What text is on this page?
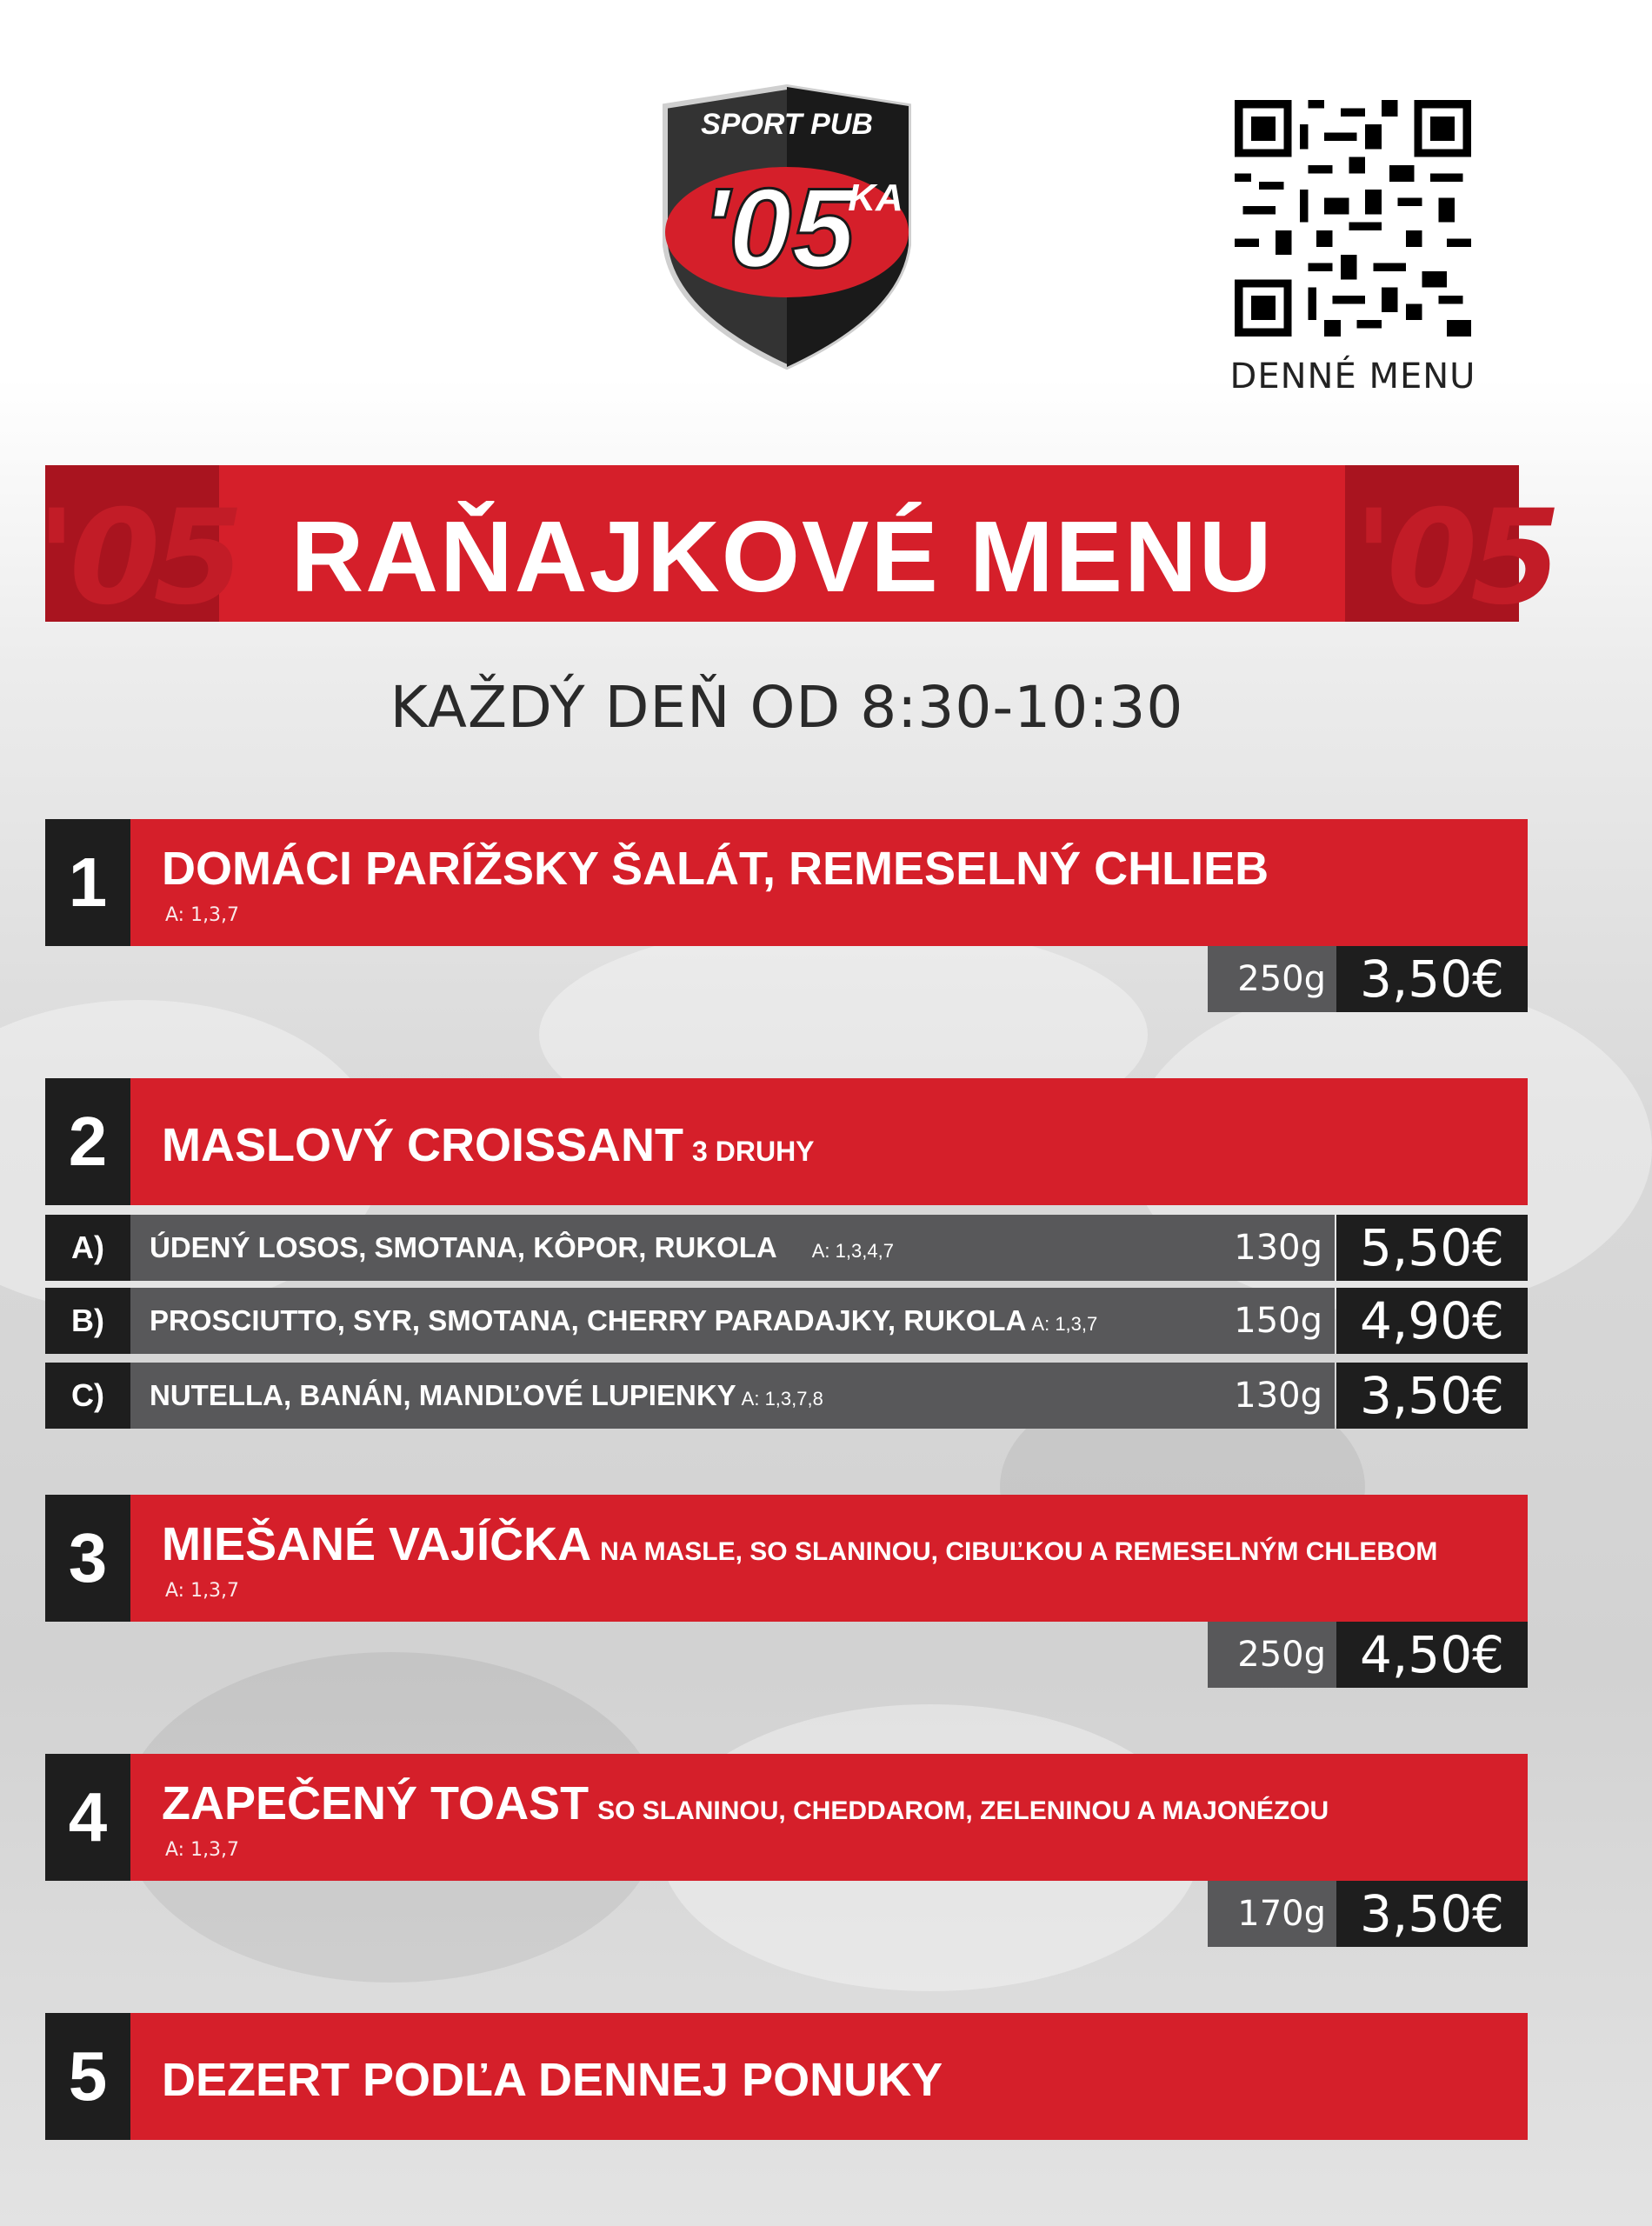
SPORT PUB
'05
KA
DENNÉ MENU
'05	'05
RAŇAJKOVÉ MENU
KAŽDÝ DEŇ OD 8:30-10:30
1	DOMÁCI PARÍŽSKY ŠALÁT, REMESELNÝ CHLIEB
A: 1,3,7
250g 3,50€
2	MASLOVÝ CROISSANT 3 DRUHY
A)	ÚDENÝ LOSOS, SMOTANA, KÔPOR, RUKOLA A: 1,3,4,7	130g 5,50€
B)	PROSCIUTTO, SYR, SMOTANA, CHERRY PARADAJKY, RUKOLA A: 1,3,7	150g 4,90€
C)	NUTELLA, BANÁN, MANDĽOVÉ LUPIENKY A: 1,3,7,8	130g 3,50€
3	MIEŠANÉ VAJÍČKA NA MASLE, SO SLANINOU, CIBUĽKOU A REMESELNÝM CHLEBOM
A: 1,3,7
250g 4,50€
4	ZAPEČENÝ TOAST SO SLANINOU, CHEDDAROM, ZELENINOU A MAJONÉZOU
A: 1,3,7
170g 3,50€
5	DEZERT PODĽA DENNEJ PONUKY
